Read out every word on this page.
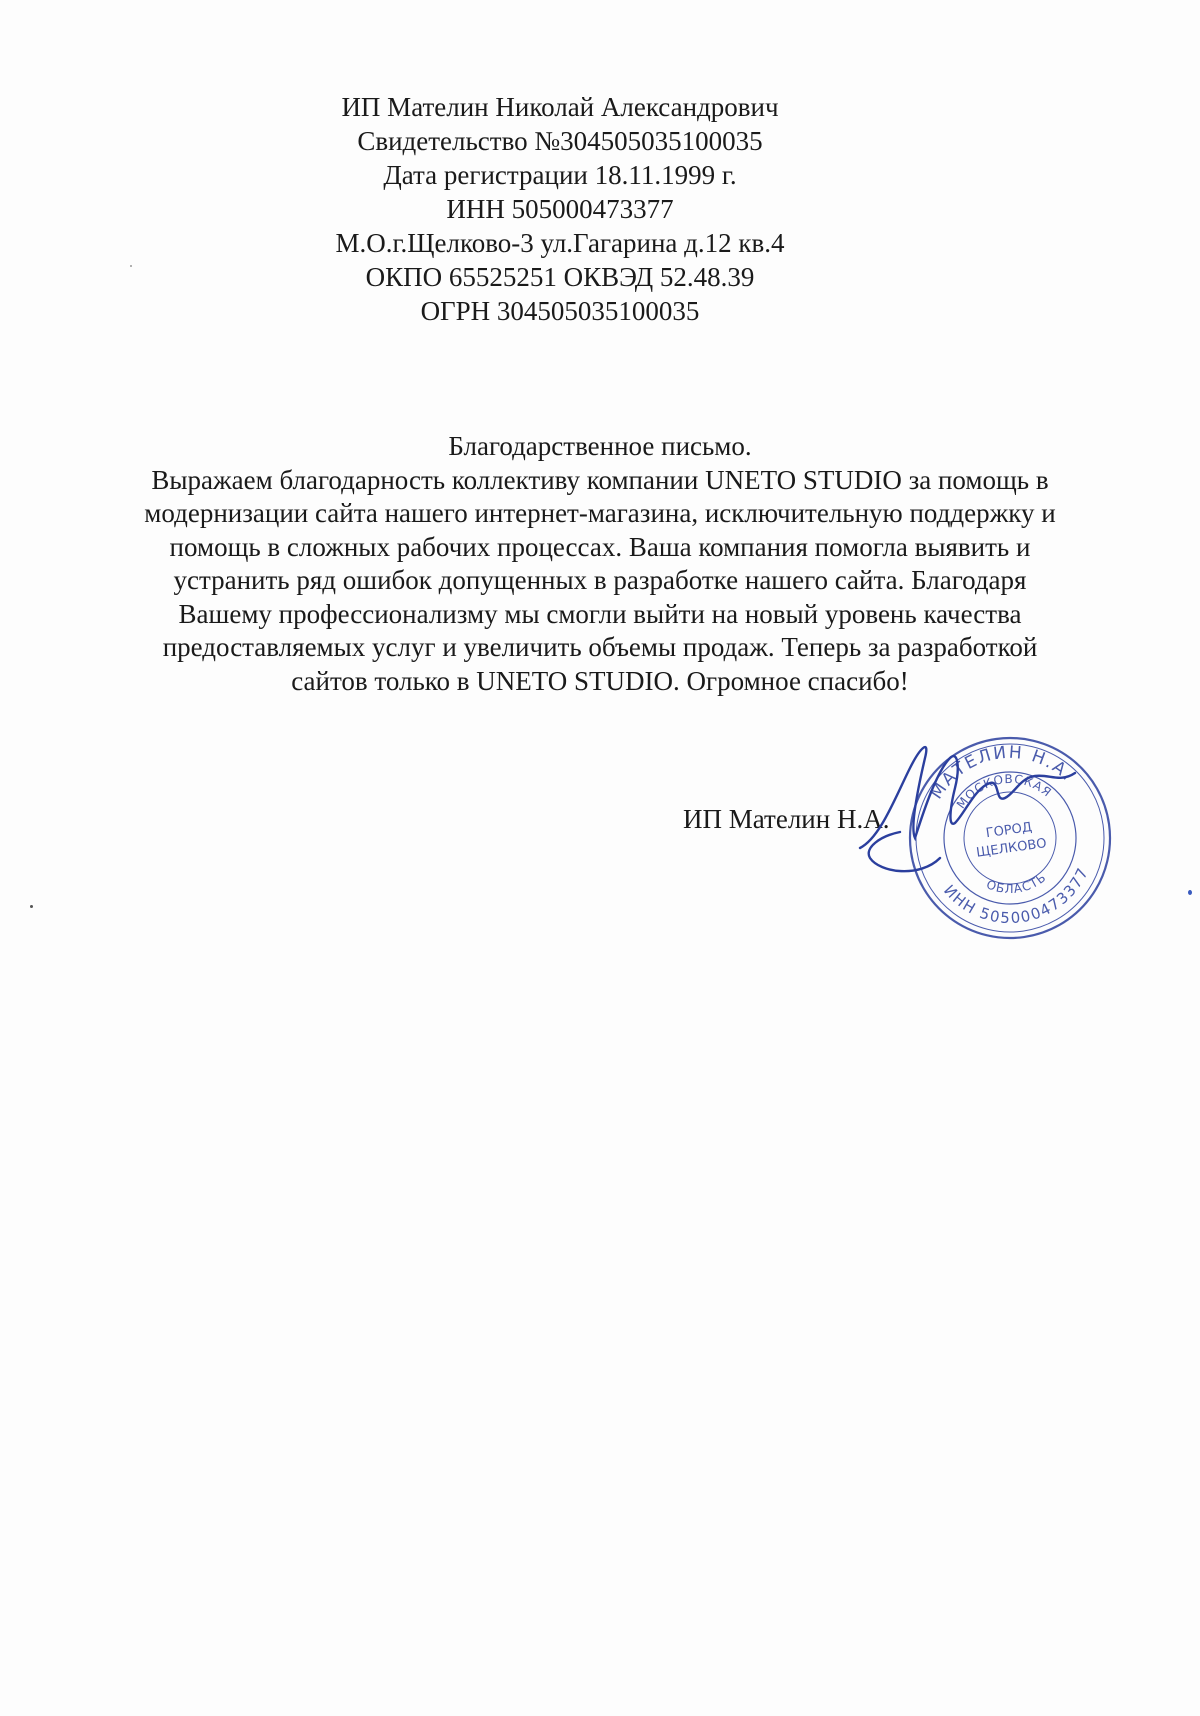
ИП Мателин Николай Александрович
Свидетельство №304505035100035
Дата регистрации 18.11.1999 г.
ИНН 505000473377
М.О.г.Щелково-3 ул.Гагарина д.12 кв.4
ОКПО 65525251 ОКВЭД 52.48.39
ОГРН 304505035100035
Благодарственное письмо.
Выражаем благодарность коллективу компании UNETO STUDIO за помощь в
модернизации сайта нашего интернет-магазина, исключительную поддержку и
помощь в сложных рабочих процессах. Ваша компания помогла выявить и
устранить ряд ошибок допущенных в разработке нашего сайта. Благодаря
Вашему профессионализму мы смогли выйти на новый уровень качества
предоставляемых услуг и увеличить объемы продаж. Теперь за разработкой
сайтов только в UNETO STUDIO. Огромное спасибо!
ИП Мателин Н.А.
МАТЕЛИН Н.А.
ИНН 505000473377
МОСКОВСКАЯ
ОБЛАСТЬ
ГОРОД
ЩЕЛКОВО
